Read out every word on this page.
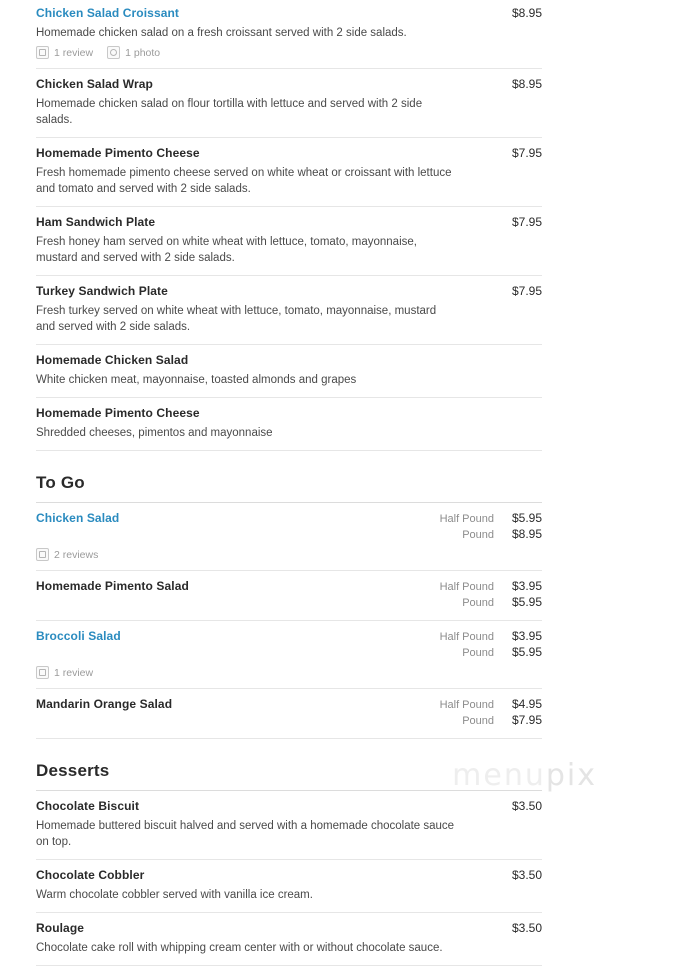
Chicken Salad Croissant	$8.95
Homemade chicken salad on a fresh croissant served with 2 side salads.
1 review	1 photo
Chicken Salad Wrap	$8.95
Homemade chicken salad on flour tortilla with lettuce and served with 2 side salads.
Homemade Pimento Cheese	$7.95
Fresh homemade pimento cheese served on white wheat or croissant with lettuce and tomato and served with 2 side salads.
Ham Sandwich Plate	$7.95
Fresh honey ham served on white wheat with lettuce, tomato, mayonnaise, mustard and served with 2 side salads.
Turkey Sandwich Plate	$7.95
Fresh turkey served on white wheat with lettuce, tomato, mayonnaise, mustard and served with 2 side salads.
Homemade Chicken Salad
White chicken meat, mayonnaise, toasted almonds and grapes
Homemade Pimento Cheese
Shredded cheeses, pimentos and mayonnaise
To Go
Chicken Salad	Half Pound	$5.95
Pound	$8.95
2 reviews
Homemade Pimento Salad	Half Pound	$3.95
Pound	$5.95
Broccoli Salad	Half Pound	$3.95
Pound	$5.95
1 review
Mandarin Orange Salad	Half Pound	$4.95
Pound	$7.95
Desserts
Chocolate Biscuit	$3.50
Homemade buttered biscuit halved and served with a homemade chocolate sauce on top.
Chocolate Cobbler	$3.50
Warm chocolate cobbler served with vanilla ice cream.
Roulage	$3.50
Chocolate cake roll with whipping cream center with or without chocolate sauce.
menupix
